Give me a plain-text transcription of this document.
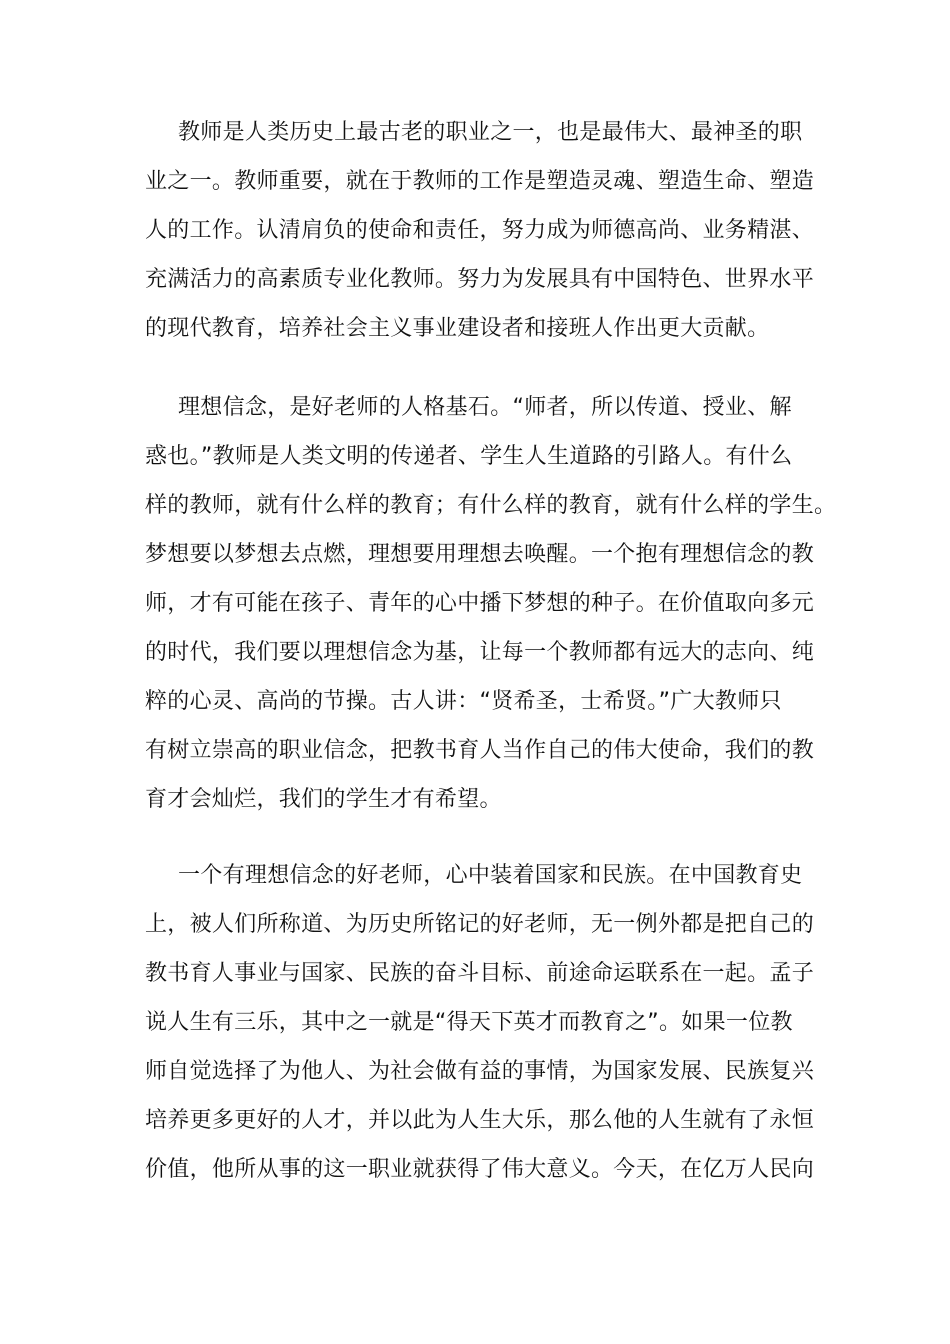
教师是人类历史上最古老的职业之一，也是最伟大、最神圣的职
业之一。教师重要，就在于教师的工作是塑造灵魂、塑造生命、塑造
人的工作。认清肩负的使命和责任，努力成为师德高尚、业务精湛、
充满活力的高素质专业化教师。努力为发展具有中国特色、世界水平
的现代教育，培养社会主义事业建设者和接班人作出更大贡献。
理想信念，是好老师的人格基石。“师者，所以传道、授业、解
惑也。”教师是人类文明的传递者、学生人生道路的引路人。有什么
样的教师，就有什么样的教育；有什么样的教育，就有什么样的学生。
梦想要以梦想去点燃，理想要用理想去唤醒。一个抱有理想信念的教
师，才有可能在孩子、青年的心中播下梦想的种子。在价值取向多元
的时代，我们要以理想信念为基，让每一个教师都有远大的志向、纯
粹的心灵、高尚的节操。古人讲：“贤希圣，士希贤。”广大教师只
有树立崇高的职业信念，把教书育人当作自己的伟大使命，我们的教
育才会灿烂，我们的学生才有希望。
一个有理想信念的好老师，心中装着国家和民族。在中国教育史
上，被人们所称道、为历史所铭记的好老师，无一例外都是把自己的
教书育人事业与国家、民族的奋斗目标、前途命运联系在一起。孟子
说人生有三乐，其中之一就是“得天下英才而教育之”。如果一位教
师自觉选择了为他人、为社会做有益的事情，为国家发展、民族复兴
培养更多更好的人才，并以此为人生大乐，那么他的人生就有了永恒
价值，他所从事的这一职业就获得了伟大意义。今天，在亿万人民向
